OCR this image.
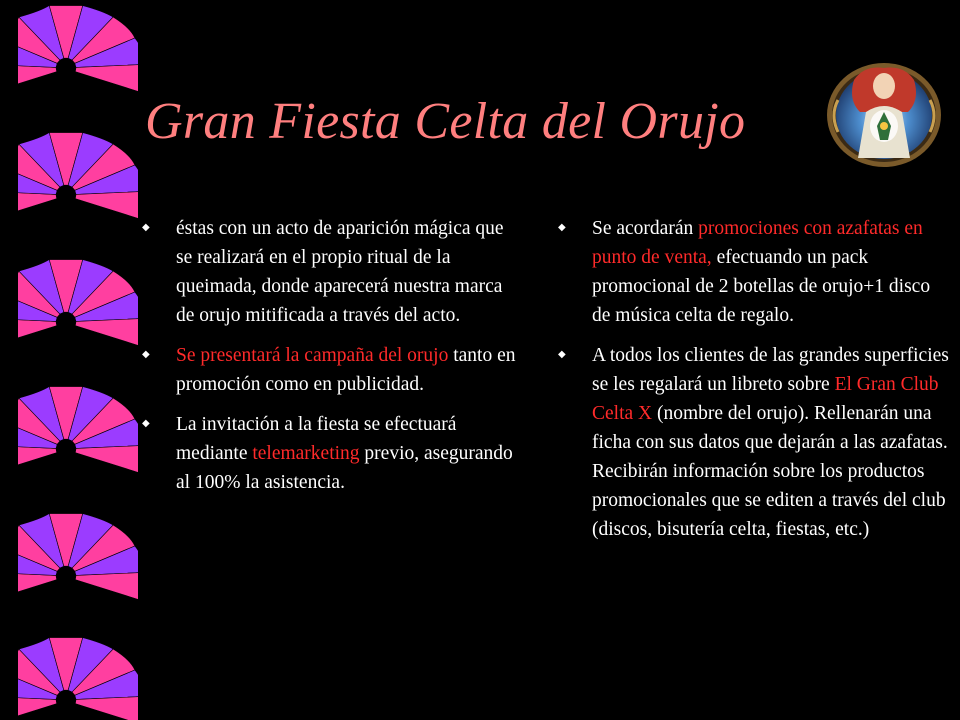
Gran Fiesta Celta del Orujo
◆ éstas con un acto de aparición mágica que se realizará en el propio ritual de la queimada, donde aparecerá nuestra marca de orujo mitificada a través del acto.
◆ Se presentará la campaña del orujo tanto en promoción como en publicidad.
◆ La invitación a la fiesta se efectuará mediante telemarketing previo, asegurando al 100% la asistencia.
◆ Se acordarán promociones con azafatas en punto de venta, efectuando un pack promocional de 2 botellas de orujo+1 disco de música celta de regalo.
◆ A todos los clientes de las grandes superficies se les regalará un libreto sobre El Gran Club Celta X (nombre del orujo). Rellenarán una ficha con sus datos que dejarán a las azafatas. Recibirán información sobre los productos promocionales que se editen a través del club (discos, bisutería celta, fiestas, etc.)
